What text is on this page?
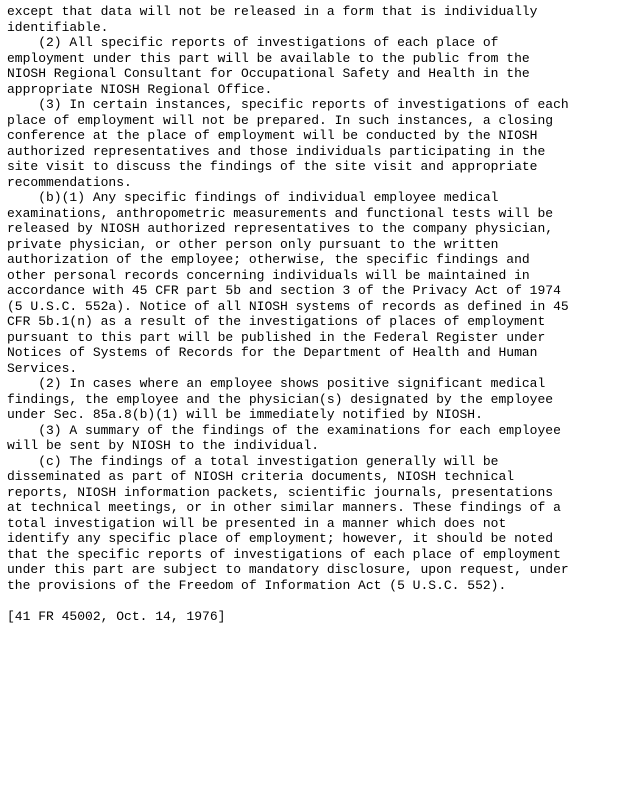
except that data will not be released in a form that is individually
identifiable.
(2) All specific reports of investigations of each place of
employment under this part will be available to the public from the
NIOSH Regional Consultant for Occupational Safety and Health in the
appropriate NIOSH Regional Office.
(3) In certain instances, specific reports of investigations of each
place of employment will not be prepared. In such instances, a closing
conference at the place of employment will be conducted by the NIOSH
authorized representatives and those individuals participating in the
site visit to discuss the findings of the site visit and appropriate
recommendations.
(b)(1) Any specific findings of individual employee medical
examinations, anthropometric measurements and functional tests will be
released by NIOSH authorized representatives to the company physician,
private physician, or other person only pursuant to the written
authorization of the employee; otherwise, the specific findings and
other personal records concerning individuals will be maintained in
accordance with 45 CFR part 5b and section 3 of the Privacy Act of 1974
(5 U.S.C. 552a). Notice of all NIOSH systems of records as defined in 45
CFR 5b.1(n) as a result of the investigations of places of employment
pursuant to this part will be published in the Federal Register under
Notices of Systems of Records for the Department of Health and Human
Services.
(2) In cases where an employee shows positive significant medical
findings, the employee and the physician(s) designated by the employee
under Sec. 85a.8(b)(1) will be immediately notified by NIOSH.
(3) A summary of the findings of the examinations for each employee
will be sent by NIOSH to the individual.
(c) The findings of a total investigation generally will be
disseminated as part of NIOSH criteria documents, NIOSH technical
reports, NIOSH information packets, scientific journals, presentations
at technical meetings, or in other similar manners. These findings of a
total investigation will be presented in a manner which does not
identify any specific place of employment; however, it should be noted
that the specific reports of investigations of each place of employment
under this part are subject to mandatory disclosure, upon request, under
the provisions of the Freedom of Information Act (5 U.S.C. 552).
[41 FR 45002, Oct. 14, 1976]
